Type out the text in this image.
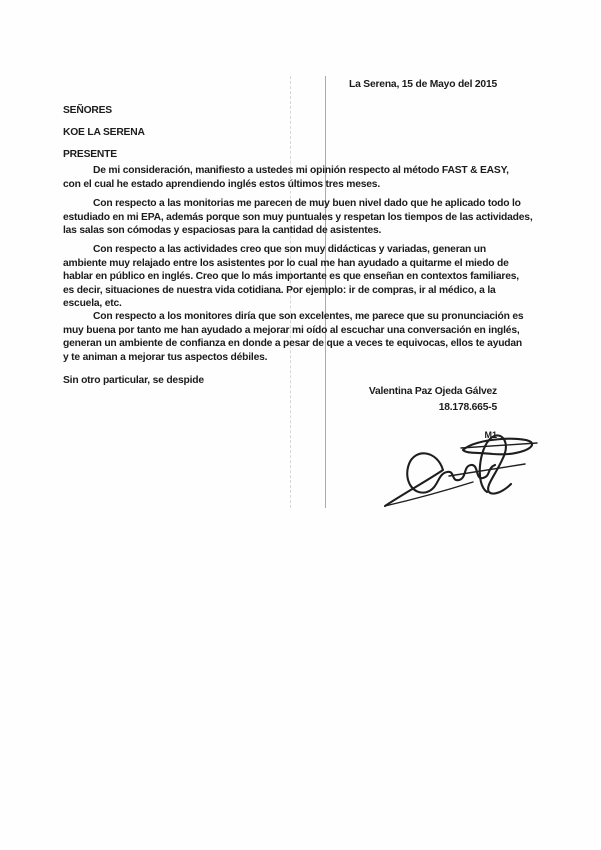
La Serena, 15 de Mayo del 2015
SEÑORES
KOE LA SERENA
PRESENTE
De mi consideración, manifiesto a ustedes mi opinión respecto al método FAST & EASY,
con el cual he estado aprendiendo inglés estos últimos tres meses.
Con respecto a las monitorias me parecen de muy buen nivel dado que he aplicado todo lo
estudiado en mi EPA, además porque son muy puntuales y respetan los tiempos de las actividades,
las salas son cómodas y espaciosas para la cantidad de asistentes.
Con respecto a las actividades creo que son muy didácticas y variadas, generan un
ambiente muy relajado entre los asistentes por lo cual me han ayudado a quitarme el miedo de
hablar en público en inglés. Creo que lo más importante es que enseñan en contextos familiares,
es decir, situaciones de nuestra vida cotidiana. Por ejemplo: ir de compras, ir al médico, a la
escuela, etc.
Con respecto a los monitores diría que son excelentes, me parece que su pronunciación es
muy buena por tanto me han ayudado a mejorar mi oído al escuchar una conversación en inglés,
generan un ambiente de confianza en donde a pesar de que a veces te equivocas, ellos te ayudan
y te animan a mejorar tus aspectos débiles.
Sin otro particular, se despide
Valentina Paz Ojeda Gálvez
18.178.665-5
M1
